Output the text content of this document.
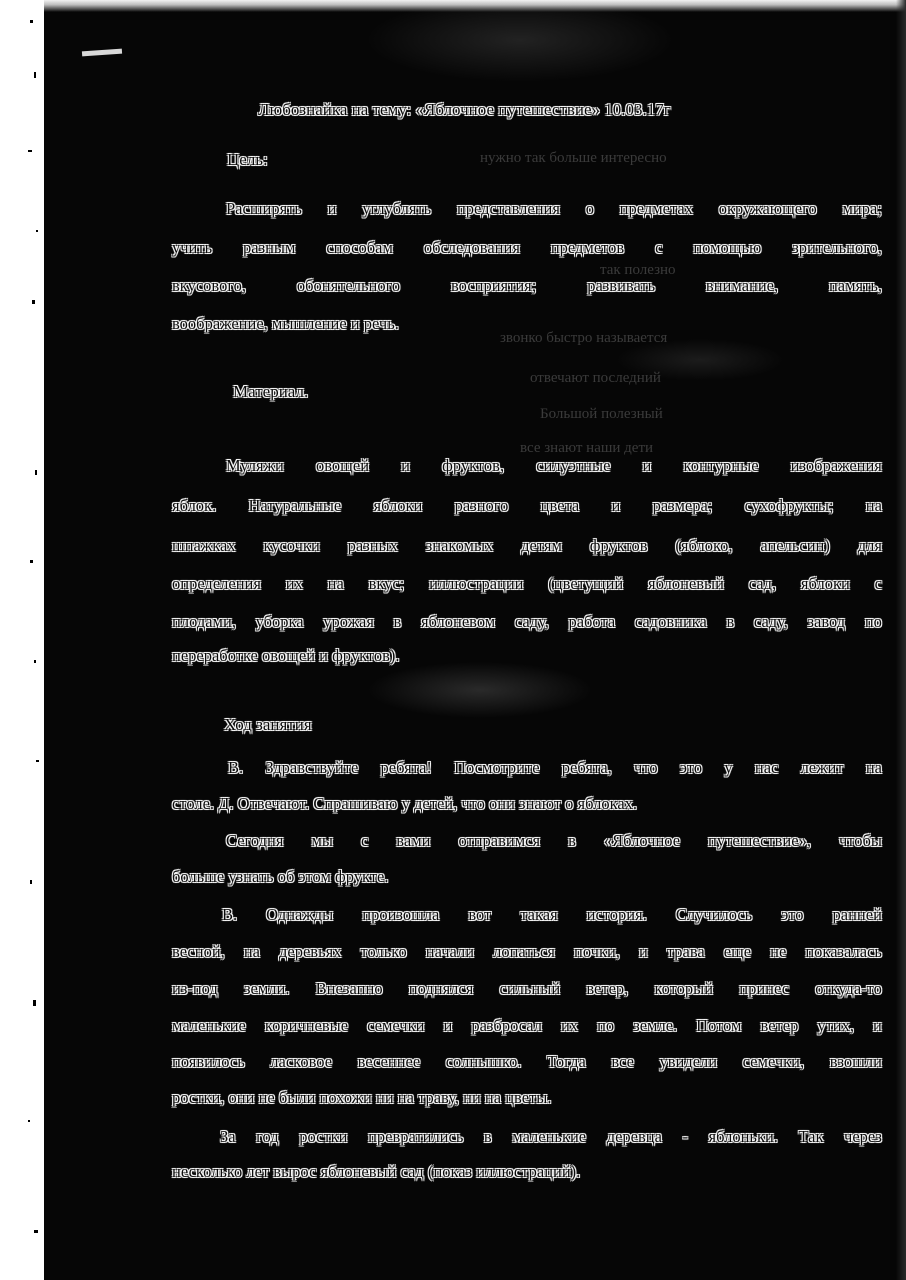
нужно так больше интересно
так полезно
звонко быстро называется
отвечают последний
Большой полезный
все знают наши дети
Любознайка на тему: «Яблочное путешествие» 10.03.17г
Цель:
Расширять и углублять представления о предметах окружающего мира;
учить разным способам обследования предметов с помощью зрительного,
вкусового,	обонятельного	восприятия;	развивать	внимание,	память,
воображение, мышление и речь.
Материал.
Муляжи овощей и фруктов, силуэтные и контурные изображения
яблок. Натуральные яблоки разного цвета и размера; сухофрукты; на
шпажках кусочки разных знакомых детям фруктов (яблоко, апельсин) для
определения их на вкус; иллюстрации (цветущий яблоневый сад, яблоки с
плодами, уборка урожая в яблоневом саду, работа садовника в саду, завод по
переработке овощей и фруктов).
Ход занятия
В. Здравствуйте ребята! Посмотрите ребята, что это у нас лежит на
столе. Д. Отвечают. Спрашиваю у детей, что они знают о яблоках.
Сегодня мы с вами отправимся в «Яблочное путешествие», чтобы
больше узнать об этом фрукте.
В. Однажды произошла вот такая история. Случилось это ранней
весной, на деревьях только начали лопаться почки, и трава еще не показалась
из-под земли. Внезапно поднялся сильный ветер, который принес откуда-то
маленькие коричневые семечки и разбросал их по земле. Потом ветер утих, и
появилось ласковое весеннее солнышко. Тогда все увидели семечки, взошли
ростки, они не были похожи ни на траву, ни на цветы.
За год ростки превратились в маленькие деревца - яблоньки. Так через
несколько лет вырос яблоневый сад (показ иллюстраций).
